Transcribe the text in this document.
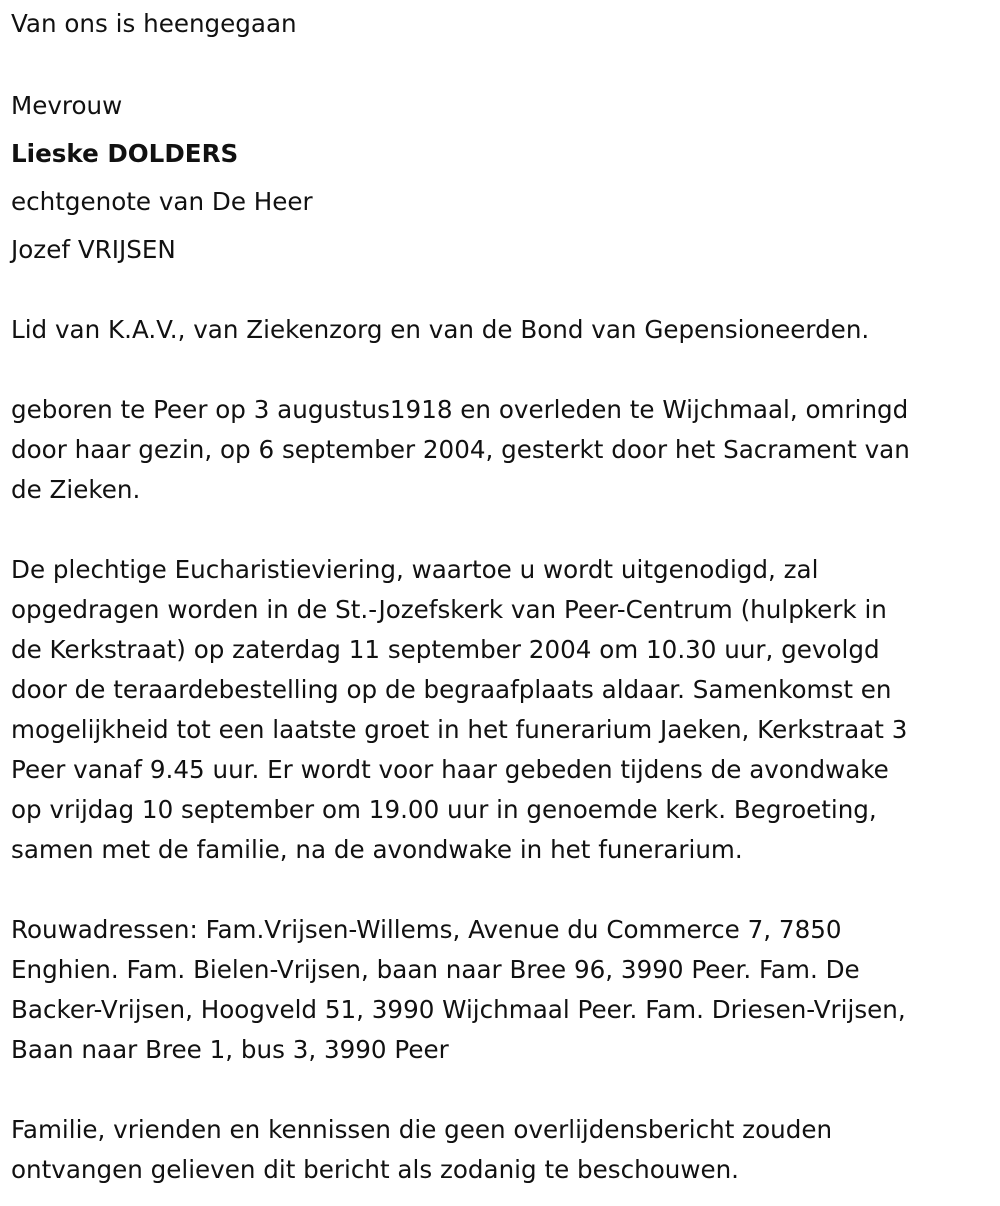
Van ons is heengegaan
Mevrouw
Lieske DOLDERS
echtgenote van De Heer
Jozef VRIJSEN
Lid van K.A.V., van Ziekenzorg en van de Bond van Gepensioneerden.
geboren te Peer op 3 augustus1918 en overleden te Wijchmaal, omringd
door haar gezin, op 6 september 2004, gesterkt door het Sacrament van
de Zieken.
De plechtige Eucharistieviering, waartoe u wordt uitgenodigd, zal
opgedragen worden in de St.-Jozefskerk van Peer-Centrum (hulpkerk in
de Kerkstraat) op zaterdag 11 september 2004 om 10.30 uur, gevolgd
door de teraardebestelling op de begraafplaats aldaar. Samenkomst en
mogelijkheid tot een laatste groet in het funerarium Jaeken, Kerkstraat 3
Peer vanaf 9.45 uur. Er wordt voor haar gebeden tijdens de avondwake
op vrijdag 10 september om 19.00 uur in genoemde kerk. Begroeting,
samen met de familie, na de avondwake in het funerarium.
Rouwadressen: Fam.Vrijsen-Willems, Avenue du Commerce 7, 7850
Enghien. Fam. Bielen-Vrijsen, baan naar Bree 96, 3990 Peer. Fam. De
Backer-Vrijsen, Hoogveld 51, 3990 Wijchmaal Peer. Fam. Driesen-Vrijsen,
Baan naar Bree 1, bus 3, 3990 Peer
Familie, vrienden en kennissen die geen overlijdensbericht zouden
ontvangen gelieven dit bericht als zodanig te beschouwen.
